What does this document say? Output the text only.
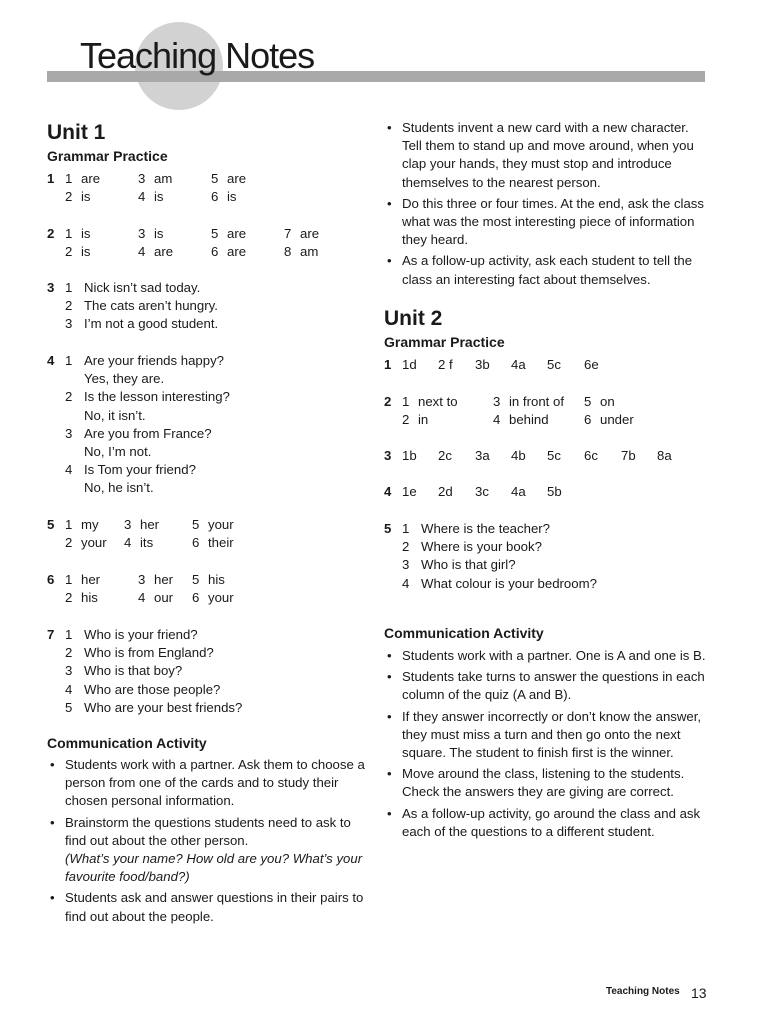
Teaching Notes
Unit 1
Grammar Practice
1 1 are	3 am	5 are
2 is	4 is	6 is
2 1 is	3 is	5 are	7 are
2 is	4 are	6 are	8 am
3 1 Nick isn’t sad today.
2 The cats aren’t hungry.
3 I’m not a good student.
4 1 Are your friends happy?
Yes, they are.
2 Is the lesson interesting?
No, it isn’t.
3 Are you from France?
No, I’m not.
4 Is Tom your friend?
No, he isn’t.
5 1 my 3 her 5 your
2 your 4 its	6 their
6 1 her	3 her 5 his
2 his	4 our 6 your
7 1 Who is your friend?
2 Who is from England?
3 Who is that boy?
4 Who are those people?
5 Who are your best friends?
Communication Activity
• Students work with a partner. Ask them to choose a person from one of the cards and to study their chosen personal information.
• Brainstorm the questions students need to ask to find out about the other person.
(What’s your name? How old are you? What’s your favourite food/band?)
• Students ask and answer questions in their pairs to find out about the people.
• Students invent a new card with a new character. Tell them to stand up and move around, when you clap your hands, they must stop and introduce themselves to the nearest person.
• Do this three or four times. At the end, ask the class what was the most interesting piece of information they heard.
• As a follow-up activity, ask each student to tell the class an interesting fact about themselves.
Unit 2
Grammar Practice
1 1d 2 f 3b 4a 5c 6e
2 1 next to	3 in front of 5 on
2 in	4 behind	6 under
3 1b 2c 3a 4b 5c 6c 7b 8a
4 1e 2d 3c 4a 5b
5 1 Where is the teacher?
2 Where is your book?
3 Who is that girl?
4 What colour is your bedroom?
Communication Activity
• Students work with a partner. One is A and one is B.
• Students take turns to answer the questions in each column of the quiz (A and B).
• If they answer incorrectly or don’t know the answer, they must miss a turn and then go onto the next square. The student to finish first is the winner.
• Move around the class, listening to the students. Check the answers they are giving are correct.
• As a follow-up activity, go around the class and ask each of the questions to a different student.
Teaching Notes 13
